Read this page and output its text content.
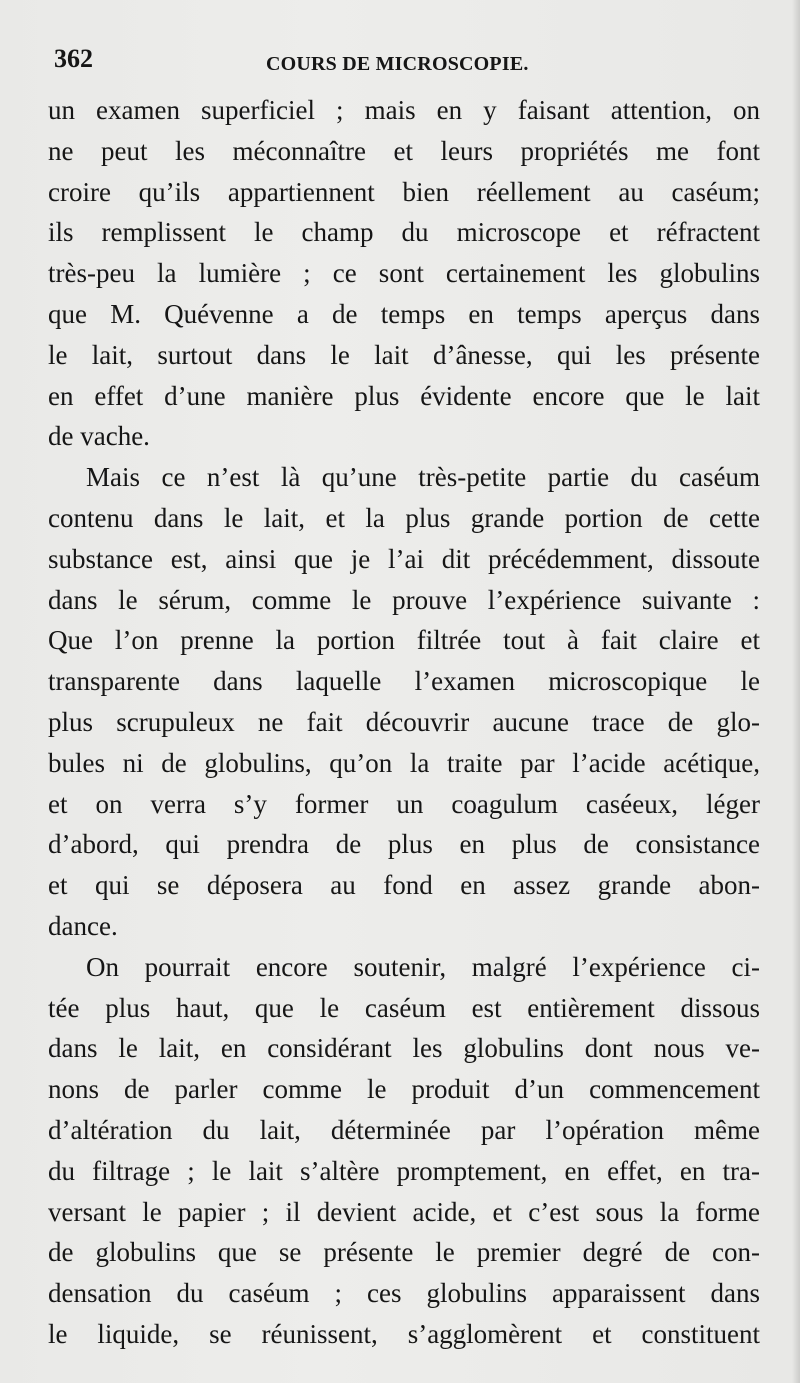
362	COURS DE MICROSCOPIE.
un examen superficiel ; mais en y faisant attention, on
ne peut les méconnaître et leurs propriétés me font
croire qu’ils appartiennent bien réellement au caséum;
ils remplissent le champ du microscope et réfractent
très-peu la lumière ; ce sont certainement les globulins
que M. Quévenne a de temps en temps aperçus dans
le lait, surtout dans le lait d’ânesse, qui les présente
en effet d’une manière plus évidente encore que le lait
de vache.
Mais ce n’est là qu’une très-petite partie du caséum
contenu dans le lait, et la plus grande portion de cette
substance est, ainsi que je l’ai dit précédemment, dissoute
dans le sérum, comme le prouve l’expérience suivante :
Que l’on prenne la portion filtrée tout à fait claire et
transparente dans laquelle l’examen microscopique le
plus scrupuleux ne fait découvrir aucune trace de glo-
bules ni de globulins, qu’on la traite par l’acide acétique,
et on verra s’y former un coagulum caséeux, léger
d’abord, qui prendra de plus en plus de consistance
et qui se déposera au fond en assez grande abon-
dance.
On pourrait encore soutenir, malgré l’expérience ci-
tée plus haut, que le caséum est entièrement dissous
dans le lait, en considérant les globulins dont nous ve-
nons de parler comme le produit d’un commencement
d’altération du lait, déterminée par l’opération même
du filtrage ; le lait s’altère promptement, en effet, en tra-
versant le papier ; il devient acide, et c’est sous la forme
de globulins que se présente le premier degré de con-
densation du caséum ; ces globulins apparaissent dans
le liquide, se réunissent, s’agglomèrent et constituent
